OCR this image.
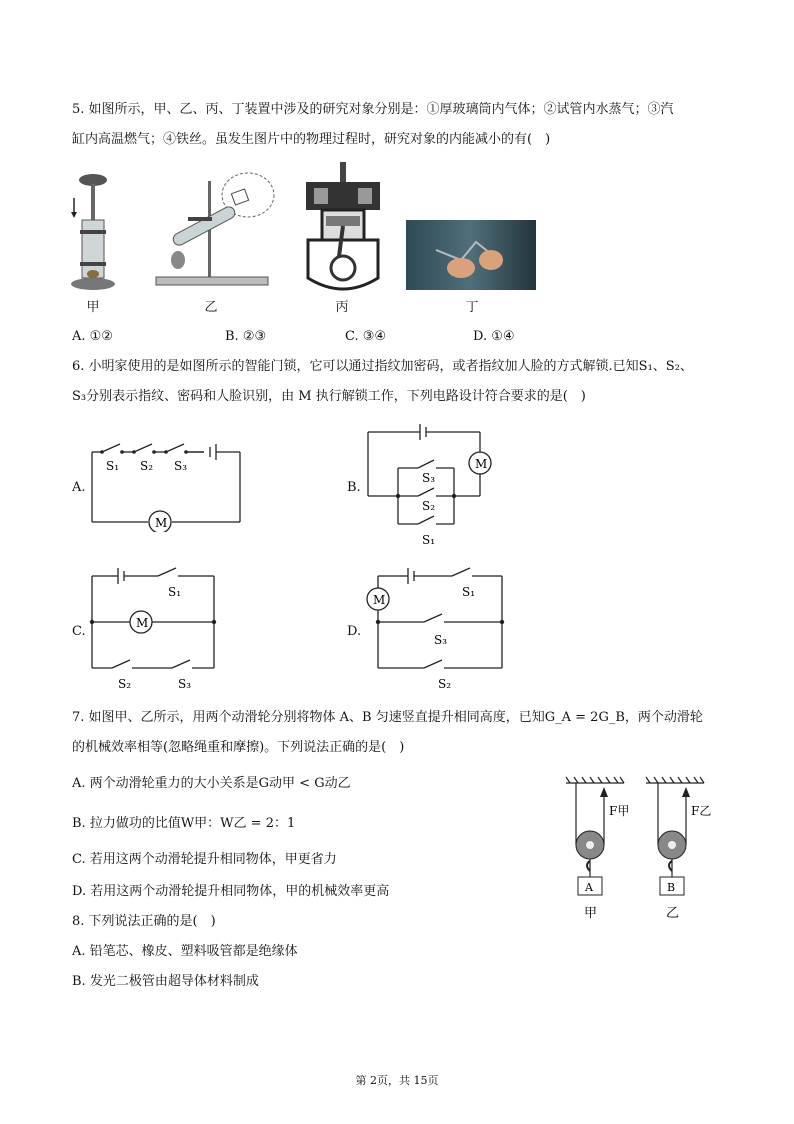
5. 如图所示，甲、乙、丙、丁装置中涉及的研究对象分别是：①厚玻璃筒内气体；②试管内水蒸气；③汽
缸内高温燃气；④铁丝。虽发生图片中的物理过程时，研究对象的内能减小的有(　)
甲	乙	丙	丁
A. ①②	B. ②③	C. ③④	D. ①④
6. 小明家使用的是如图所示的智能门锁，它可以通过指纹加密码，或者指纹加人脸的方式解锁.已知S₁、S₂、
S₃分别表示指纹、密码和人脸识别，由 M 执行解锁工作，下列电路设计符合要求的是(　)
A.
M
S₁ S₂ S₃
B.
M
S₃
S₂
S₁
C.
M
S₁
S₂	S₃
D.
M
S₁
S₃
S₂
7. 如图甲、乙所示，用两个动滑轮分别将物体 A、B 匀速竖直提升相同高度，已知G_A = 2G_B，两个动滑轮
的机械效率相等(忽略绳重和摩擦)。下列说法正确的是(　)
A. 两个动滑轮重力的大小关系是G动甲 < G动乙
B. 拉力做功的比值W甲：W乙 = 2：1
C. 若用这两个动滑轮提升相同物体，甲更省力
D. 若用这两个动滑轮提升相同物体，甲的机械效率更高
F甲	F乙
A	B
甲	乙
8. 下列说法正确的是(　)
A. 铅笔芯、橡皮、塑料吸管都是绝缘体
B. 发光二极管由超导体材料制成
第 2页，共 15页
